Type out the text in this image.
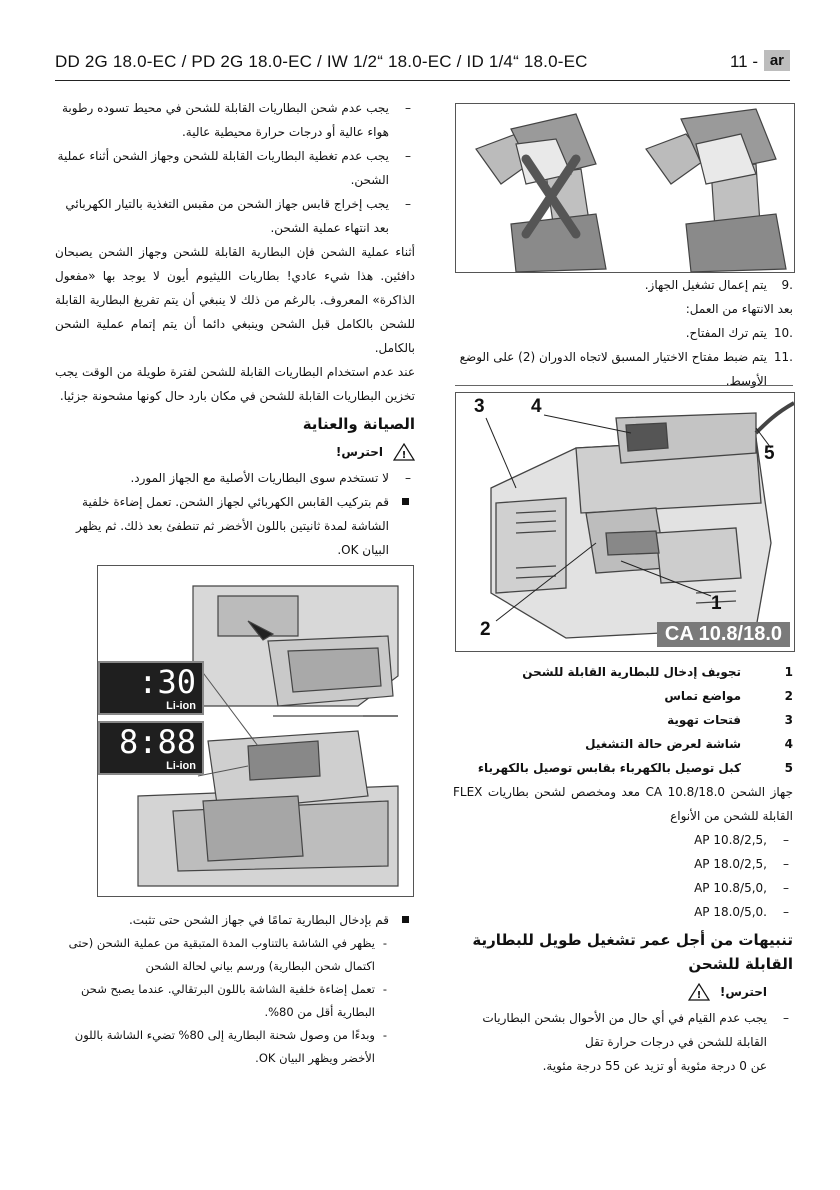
DD 2G 18.0-EC / PD 2G 18.0-EC / IW 1/2“ 18.0-EC / ID 1/4“ 18.0-EC	11 - ar

– يجب عدم شحن البطاريات القابلة للشحن في محيط تسوده رطوبة هواء عالية أو درجات حرارة محيطية عالية.

– يجب عدم تغطية البطاريات القابلة للشحن وجهاز الشحن أثناء عملية الشحن.

– يجب إخراج قابس جهاز الشحن من مقبس التغذية بالتيار الكهربائي بعد انتهاء عملية الشحن.

أثناء عملية الشحن فإن البطارية القابلة للشحن وجهاز الشحن يصبحان دافئين. هذا شيء عادي! بطاريات الليثيوم أيون لا يوجد بها «مفعول الذاكرة» المعروف. بالرغم من ذلك لا ينبغي أن يتم تفريغ البطارية القابلة للشحن بالكامل قبل الشحن وينبغي دائما أن يتم إتمام عملية الشحن بالكامل.

عند عدم استخدام البطاريات القابلة للشحن لفترة طويلة من الوقت يجب تخزين البطاريات القابلة للشحن في مكان بارد حال كونها مشحونة جزئيا.

الصيانة والعناية
!
احترس!

– لا تستخدم سوى البطاريات الأصلية مع الجهاز المورد.

قم بتركيب القابس الكهربائي لجهاز الشحن. تعمل إضاءة خلفية الشاشة لمدة ثانيتين باللون الأخضر ثم تنطفئ بعد ذلك. ثم يظهر البيان OK.

:30
Li-ion
8:88
Li-ion

قم بإدخال البطارية تمامًا في جهاز الشحن حتى تثبت.

- يظهر في الشاشة بالتناوب المدة المتبقية من عملية الشحن (حتى اكتمال شحن البطارية) ورسم بياني لحالة الشحن

- تعمل إضاءة خلفية الشاشة باللون البرتقالي. عندما يصبح شحن البطارية أقل من 80%.

- وبدءًا من وصول شحنة البطارية إلى 80% تضيء الشاشة باللون الأخضر ويظهر البيان OK.

9.
يتم إعمال تشغيل الجهاز.

بعد الانتهاء من العمل:

10.
يتم ترك المفتاح.

11.
يتم ضبط مفتاح الاختيار المسبق لاتجاه الدوران (2) على الوضع الأوسط.

3 4
5
1
2	CA 10.8/18.0
1
تجويف إدخال للبطارية القابلة للشحن
2
مواضع تماس
3
فتحات تهوية
4
شاشة لعرض حالة التشغيل
5
كبل توصيل بالكهرباء بقابس توصيل بالكهرباء

جهاز الشحن CA 10.8/18.0 معد ومخصص لشحن بطاريات FLEX القابلة للشحن من الأنواع

– AP 10.8/2,5,

– AP 18.0/2,5,

– AP 10.8/5,0,

– AP 18.0/5,0.

تنبيهات من أجل عمر تشغيل طويل للبطارية القابلة للشحن
احترس!
!

– يجب عدم القيام في أي حال من الأحوال بشحن البطاريات القابلة للشحن في درجات حرارة تقل

عن 0 درجة مئوية أو تزيد عن 55 درجة مئوية.
